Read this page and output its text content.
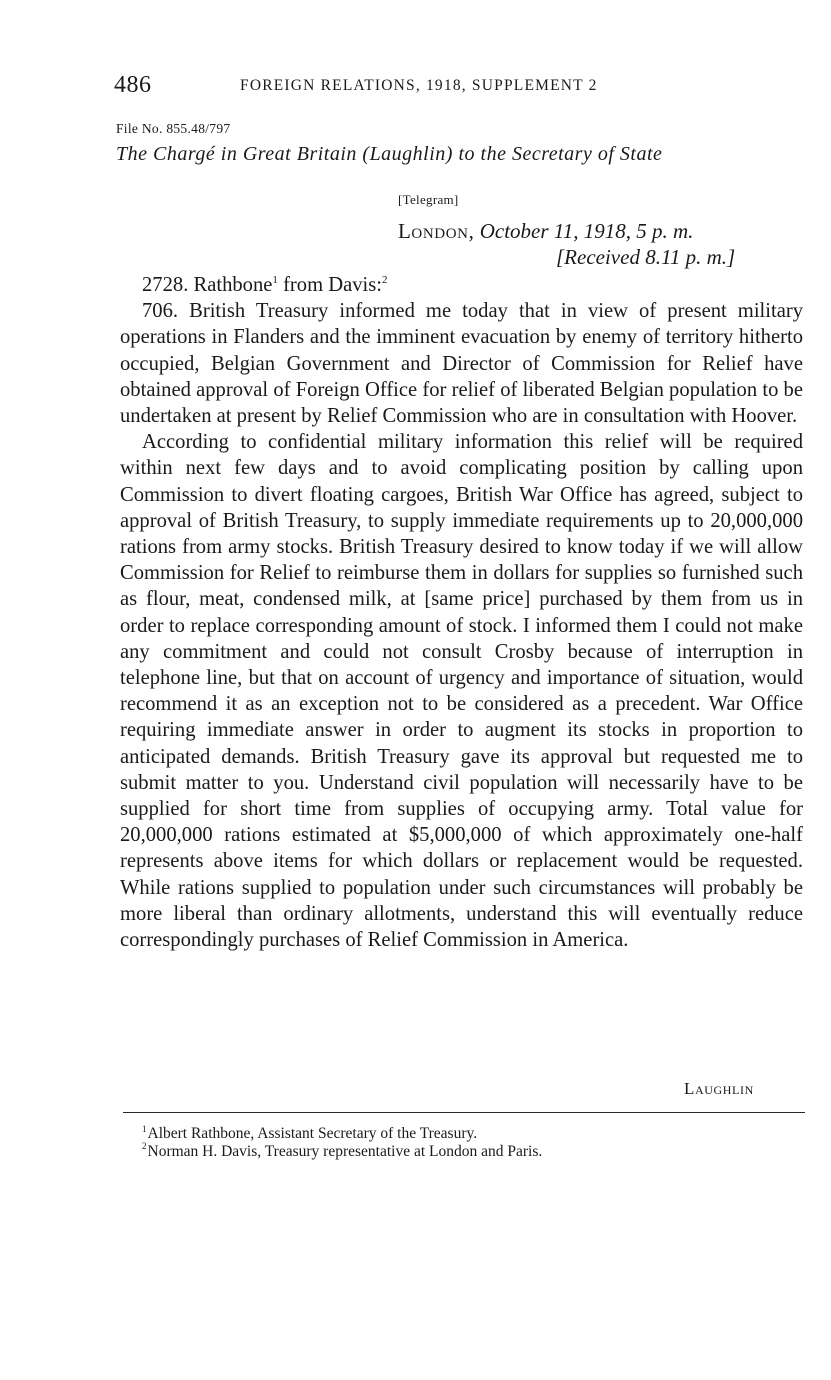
486	FOREIGN RELATIONS, 1918, SUPPLEMENT 2
File No. 855.48/797
The Chargé in Great Britain (Laughlin) to the Secretary of State
[Telegram]
London, October 11, 1918, 5 p. m.
[Received 8.11 p. m.]

2728. Rathbone$^1$ from Davis:$^2$

706. British Treasury informed me today that in view of present military operations in Flanders and the imminent evacuation by enemy of territory hitherto occupied, Belgian Government and Director of Commission for Relief have obtained approval of Foreign Office for relief of liberated Belgian population to be undertaken at present by Relief Commission who are in consultation with Hoover.

According to confidential military information this relief will be required within next few days and to avoid complicating position by calling upon Commission to divert floating cargoes, British War Office has agreed, subject to approval of British Treasury, to supply immediate requirements up to 20,000,000 rations from army stocks. British Treasury desired to know today if we will allow Commission for Relief to reimburse them in dollars for supplies so furnished such as flour, meat, condensed milk, at [same price] purchased by them from us in order to replace corresponding amount of stock. I informed them I could not make any commitment and could not consult Crosby because of interruption in telephone line, but that on account of urgency and importance of situation, would recommend it as an exception not to be considered as a precedent. War Office requiring immediate answer in order to augment its stocks in proportion to anticipated demands. British Treasury gave its approval but requested me to submit matter to you. Understand civil population will necessarily have to be supplied for short time from supplies of occupying army. Total value for 20,000,000 rations estimated at $5,000,000 of which approximately one-half represents above items for which dollars or replacement would be requested. While rations supplied to population under such circumstances will probably be more liberal than ordinary allotments, understand this will eventually reduce correspondingly purchases of Relief Commission in America.

Laughlin
$^1$Albert Rathbone, Assistant Secretary of the Treasury.
$^2$Norman H. Davis, Treasury representative at London and Paris.
